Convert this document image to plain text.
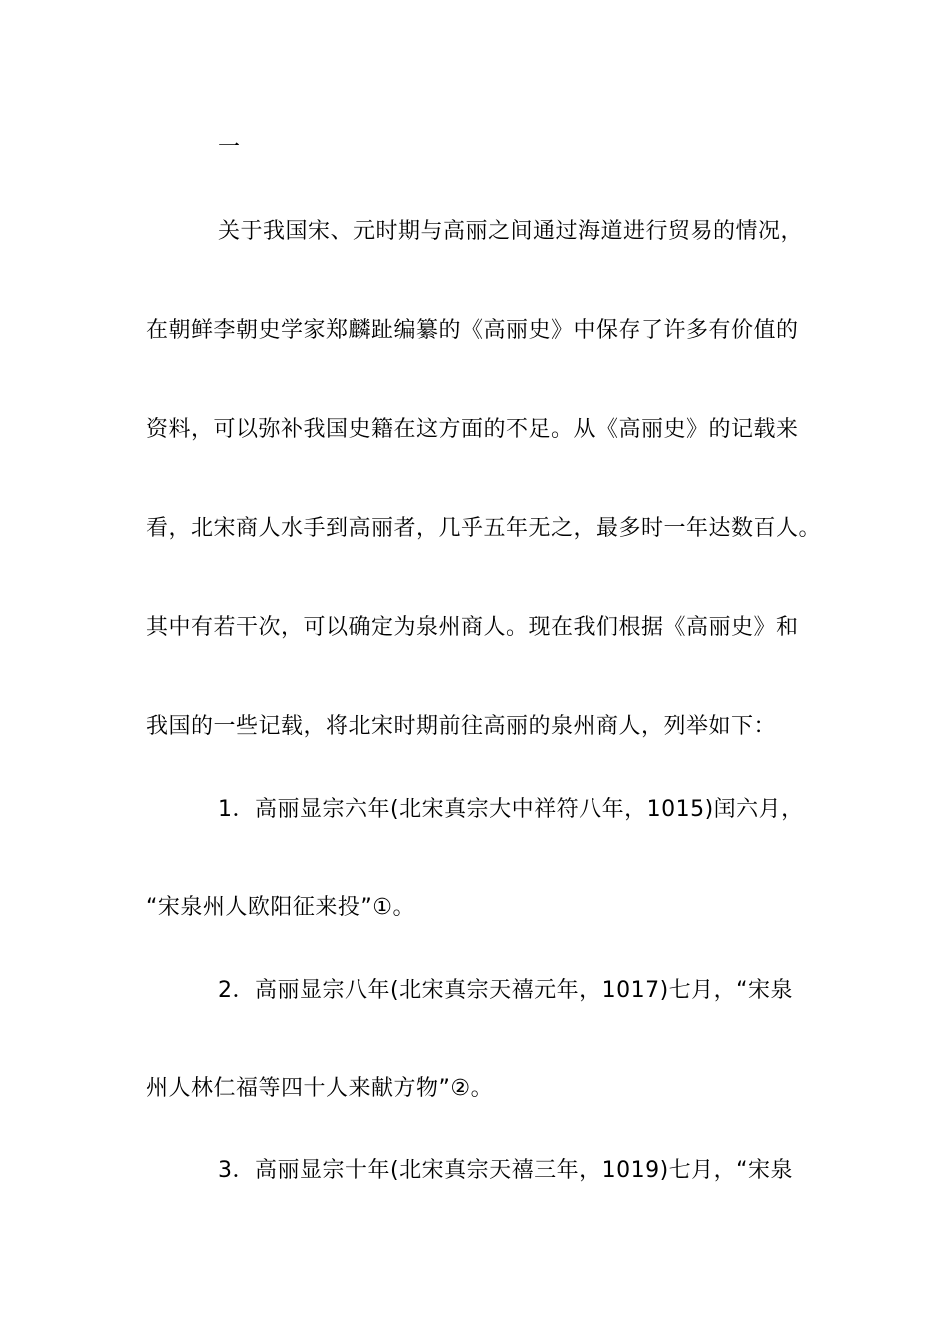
一
关于我国宋、元时期与高丽之间通过海道进行贸易的情况，
在朝鲜李朝史学家郑麟趾编纂的《高丽史》中保存了许多有价值的
资料，可以弥补我国史籍在这方面的不足。从《高丽史》的记载来
看，北宋商人水手到高丽者，几乎五年无之，最多时一年达数百人。
其中有若干次，可以确定为泉州商人。现在我们根据《高丽史》和
我国的一些记载，将北宋时期前往高丽的泉州商人，列举如下：
1．高丽显宗六年(北宋真宗大中祥符八年，1015)闰六月，
“宋泉州人欧阳征来投”①。
2．高丽显宗八年(北宋真宗天禧元年，1017)七月，“宋泉
州人林仁福等四十人来献方物”②。
3．高丽显宗十年(北宋真宗天禧三年，1019)七月，“宋泉
